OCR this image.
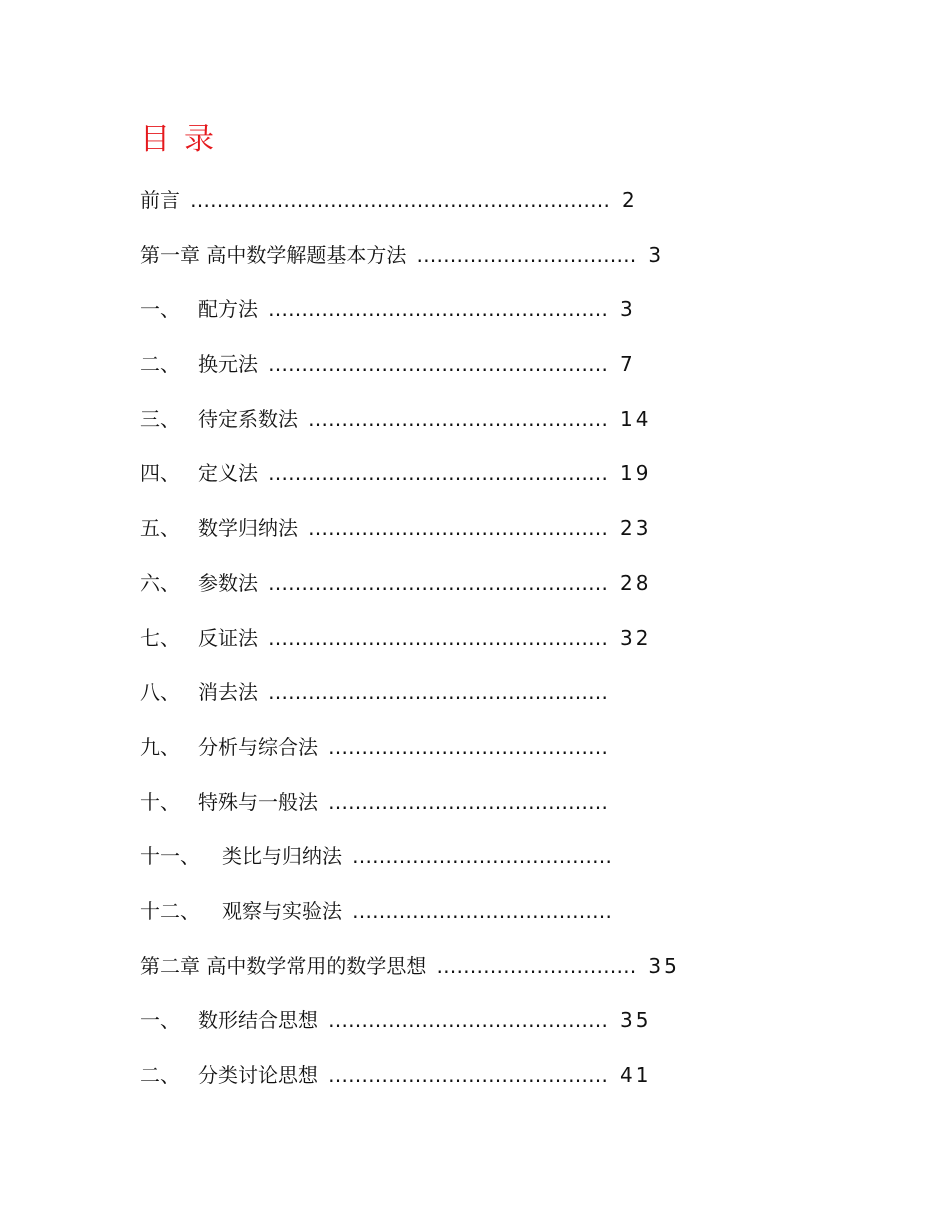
目录
前言 ……………………………………………………… 2
第一章 高中数学解题基本方法 …………………………… 3
一、 配方法 …………………………………………… 3
二、 换元法 …………………………………………… 7
三、 待定系数法 ……………………………………… 14
四、 定义法 …………………………………………… 19
五、 数学归纳法 ……………………………………… 23
六、 参数法 …………………………………………… 28
七、 反证法 …………………………………………… 32
八、 消去法 ……………………………………………
九、 分析与综合法 ……………………………………
十、 特殊与一般法 ……………………………………
十一、 类比与归纳法 …………………………………
十二、 观察与实验法 …………………………………
第二章 高中数学常用的数学思想 ………………………… 35
一、 数形结合思想 …………………………………… 35
二、 分类讨论思想 …………………………………… 41
